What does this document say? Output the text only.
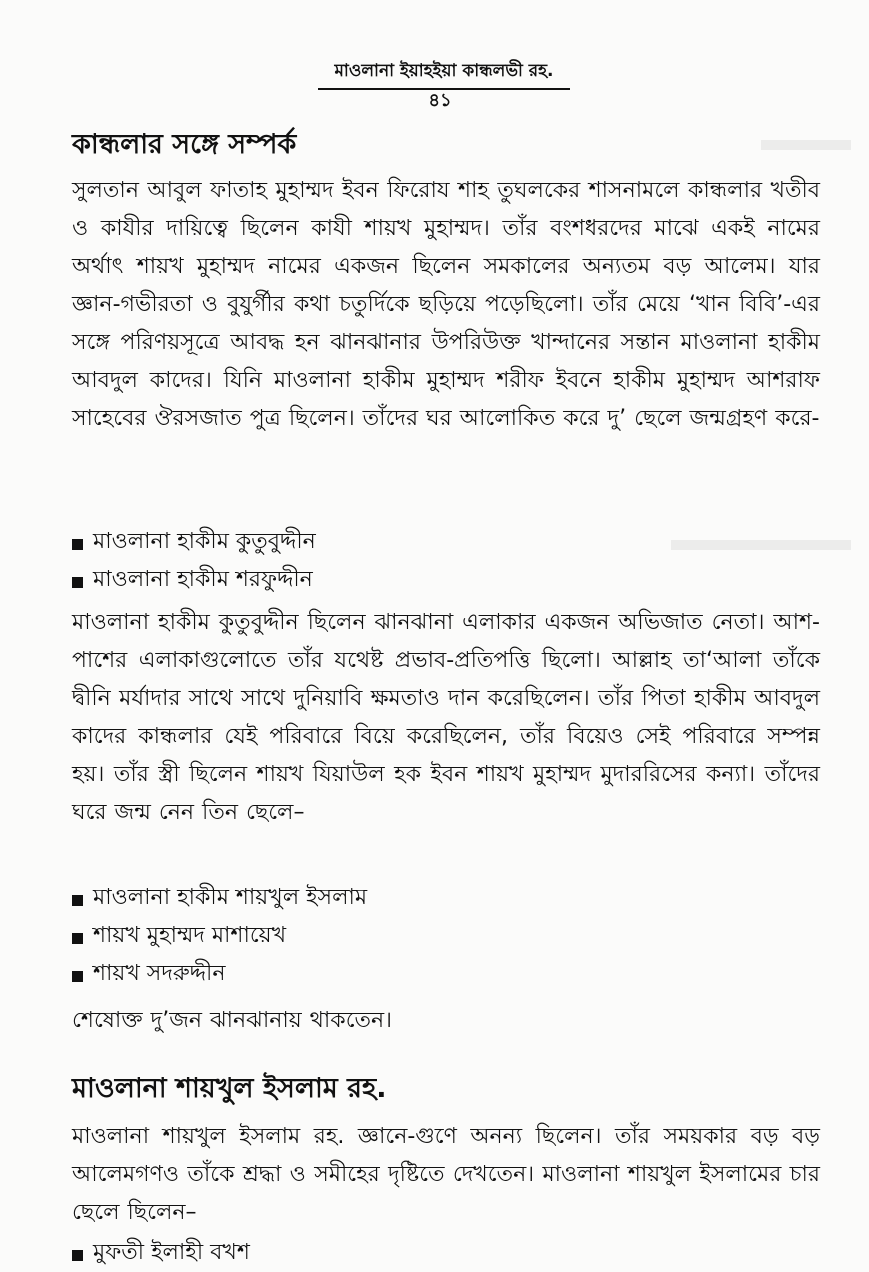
মাওলানা ইয়াহইয়া কান্ধলভী রহ.
৪১
কান্ধলার সঙ্গে সম্পর্ক

সুলতান আবুল ফাতাহ মুহাম্মদ ইবন ফিরোয শাহ তুঘলকের শাসনামলে কান্ধলার খতীব ও কাযীর দায়িত্বে ছিলেন কাযী শায়খ মুহাম্মদ। তাঁর বংশধরদের মাঝে একই নামের অর্থাৎ শায়খ মুহাম্মদ নামের একজন ছিলেন সমকালের অন্যতম বড় আলেম। যার জ্ঞান-গভীরতা ও বুযুর্গীর কথা চতুর্দিকে ছড়িয়ে পড়েছিলো। তাঁর মেয়ে ‘খান বিবি’-এর সঙ্গে পরিণয়সূত্রে আবদ্ধ হন ঝানঝানার উপরিউক্ত খান্দানের সন্তান মাওলানা হাকীম আবদুল কাদের। যিনি মাওলানা হাকীম মুহাম্মদ শরীফ ইবনে হাকীম মুহাম্মদ আশরাফ সাহেবের ঔরসজাত পুত্র ছিলেন। তাঁদের ঘর আলোকিত করে দু’ ছেলে জন্মগ্রহণ করে-

মাওলানা হাকীম কুতুবুদ্দীন
মাওলানা হাকীম শরফুদ্দীন

মাওলানা হাকীম কুতুবুদ্দীন ছিলেন ঝানঝানা এলাকার একজন অভিজাত নেতা। আশ-পাশের এলাকাগুলোতে তাঁর যথেষ্ট প্রভাব-প্রতিপত্তি ছিলো। আল্লাহ তা‘আলা তাঁকে দ্বীনি মর্যাদার সাথে সাথে দুনিয়াবি ক্ষমতাও দান করেছিলেন। তাঁর পিতা হাকীম আবদুল কাদের কান্ধলার যেই পরিবারে বিয়ে করেছিলেন, তাঁর বিয়েও সেই পরিবারে সম্পন্ন হয়। তাঁর স্ত্রী ছিলেন শায়খ যিয়াউল হক ইবন শায়খ মুহাম্মদ মুদাররিসের কন্যা। তাঁদের ঘরে জন্ম নেন তিন ছেলে–

মাওলানা হাকীম শায়খুল ইসলাম
শায়খ মুহাম্মদ মাশায়েখ
শায়খ সদরুদ্দীন

শেষোক্ত দু’জন ঝানঝানায় থাকতেন।

মাওলানা শায়খুল ইসলাম রহ.

মাওলানা শায়খুল ইসলাম রহ. জ্ঞানে-গুণে অনন্য ছিলেন। তাঁর সময়কার বড় বড় আলেমগণও তাঁকে শ্রদ্ধা ও সমীহের দৃষ্টিতে দেখতেন। মাওলানা শায়খুল ইসলামের চার ছেলে ছিলেন–

মুফতী ইলাহী বখশ
